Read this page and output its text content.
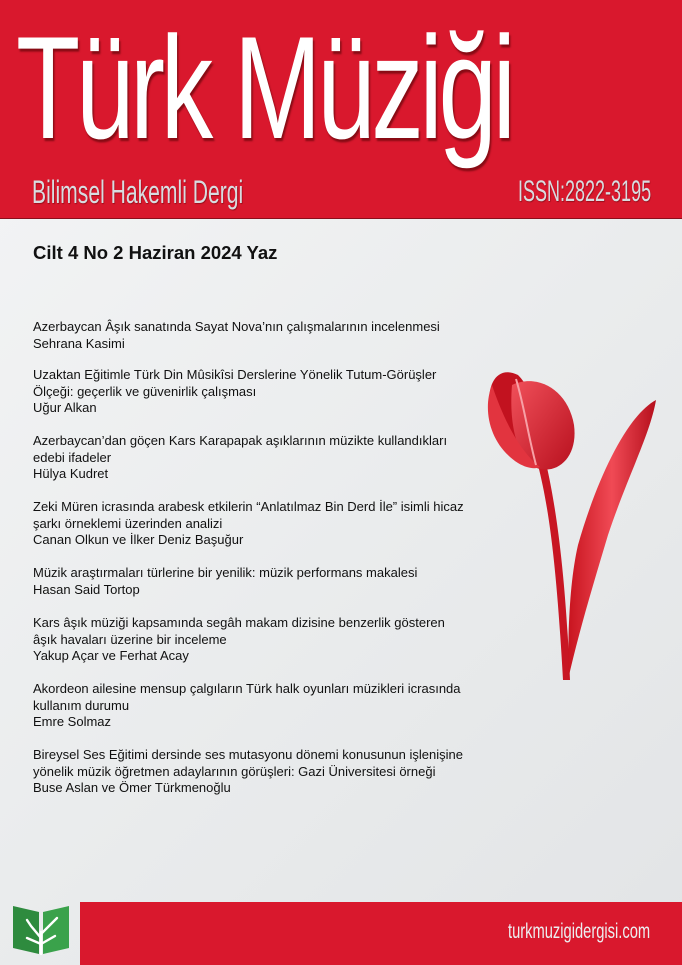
Türk Müziği
Bilimsel Hakemli Dergi	ISSN:2822-3195
Cilt 4 No 2 Haziran 2024 Yaz
Azerbaycan Âşık sanatında Sayat Nova’nın çalışmalarının incelenmesi
Sehrana Kasimi
Uzaktan Eğitimle Türk Din Mûsikîsi Derslerine Yönelik Tutum-Görüşler
Ölçeği: geçerlik ve güvenirlik çalışması
Uğur Alkan
Azerbaycan’dan göçen Kars Karapapak aşıklarının müzikte kullandıkları
edebi ifadeler
Hülya Kudret
Zeki Müren icrasında arabesk etkilerin “Anlatılmaz Bin Derd İle” isimli hicaz
şarkı örneklemi üzerinden analizi
Canan Olkun ve İlker Deniz Başuğur
Müzik araştırmaları türlerine bir yenilik: müzik performans makalesi
Hasan Said Tortop
Kars âşık müziği kapsamında segâh makam dizisine benzerlik gösteren
âşık havaları üzerine bir inceleme
Yakup Açar ve Ferhat Acay
Akordeon ailesine mensup çalgıların Türk halk oyunları müzikleri icrasında
kullanım durumu
Emre Solmaz
Bireysel Ses Eğitimi dersinde ses mutasyonu dönemi konusunun işlenişine
yönelik müzik öğretmen adaylarının görüşleri: Gazi Üniversitesi örneği
Buse Aslan ve Ömer Türkmenoğlu
turkmuzigidergisi.com
